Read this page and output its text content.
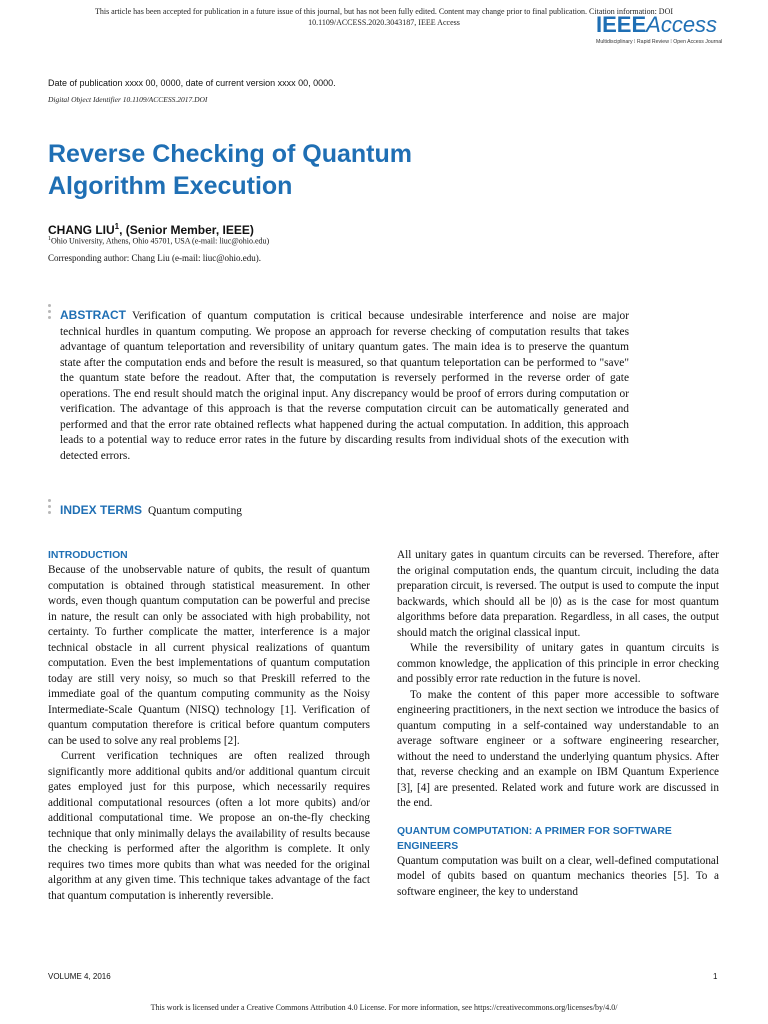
This article has been accepted for publication in a future issue of this journal, but has not been fully edited. Content may change prior to final publication. Citation information: DOI
10.1109/ACCESS.2020.3043187, IEEE Access	IEEEAccess
Multidisciplinary ⁞ Rapid Review ⁞ Open Access Journal
Date of publication xxxx 00, 0000, date of current version xxxx 00, 0000.
Digital Object Identifier 10.1109/ACCESS.2017.DOI
Reverse Checking of Quantum
Algorithm Execution
CHANG LIU$^1$, (Senior Member, IEEE)
$^1$Ohio University, Athens, Ohio 45701, USA (e-mail: liuc@ohio.edu)
Corresponding author: Chang Liu (e-mail: liuc@ohio.edu).
ABSTRACT Verification of quantum computation is critical because undesirable interference and noise are major technical hurdles in quantum computing. We propose an approach for reverse checking of computation results that takes advantage of quantum teleportation and reversibility of unitary quantum gates. The main idea is to preserve the quantum state after the computation ends and before the result is measured, so that quantum teleportation can be performed to "save" the quantum state before the readout. After that, the computation is reversely performed in the reverse order of gate operations. The end result should match the original input. Any discrepancy would be proof of errors during computation or verification. The advantage of this approach is that the reverse computation circuit can be automatically generated and performed and that the error rate obtained reflects what happened during the actual computation. In addition, this approach leads to a potential way to reduce error rates in the future by discarding results from individual shots of the execution with detected errors.
INDEX TERMS Quantum computing
INTRODUCTION

Because of the unobservable nature of qubits, the result of quantum computation is obtained through statistical measurement. In other words, even though quantum computation can be powerful and precise in nature, the result can only be associated with high probability, not certainty. To further complicate the matter, interference is a major technical obstacle in all current physical realizations of quantum computation. Even the best implementations of quantum computation today are still very noisy, so much so that Preskill referred to the immediate goal of the quantum computing community as the Noisy Intermediate-Scale Quantum (NISQ) technology [1]. Verification of quantum computation therefore is critical before quantum computers can be used to solve any real problems [2].

Current verification techniques are often realized through significantly more additional qubits and/or additional quantum circuit gates employed just for this purpose, which necessarily requires additional computational resources (often a lot more qubits) and/or additional computational time. We propose an on-the-fly checking technique that only minimally delays the availability of results because the checking is performed after the algorithm is complete. It only requires two times more qubits than what was needed for the original algorithm at any given time. This technique takes advantage of the fact that quantum computation is inherently reversible.

All unitary gates in quantum circuits can be reversed. Therefore, after the original computation ends, the quantum circuit, including the data preparation circuit, is reversed. The output is used to compute the input backwards, which should all be |0⟩ as is the case for most quantum algorithms before data preparation. Regardless, in all cases, the output should match the original classical input.

While the reversibility of unitary gates in quantum circuits is common knowledge, the application of this principle in error checking and possibly error rate reduction in the future is novel.

To make the content of this paper more accessible to software engineering practitioners, in the next section we introduce the basics of quantum computing in a self-contained way understandable to an average software engineer or a software engineering researcher, without the need to understand the underlying quantum physics. After that, reverse checking and an example on IBM Quantum Experience [3], [4] are presented. Related work and future work are discussed in the end.

QUANTUM COMPUTATION: A PRIMER FOR SOFTWARE ENGINEERS

Quantum computation was built on a clear, well-defined computational model of qubits based on quantum mechanics theories [5]. To a software engineer, the key to understand

VOLUME 4, 2016	1
This work is licensed under a Creative Commons Attribution 4.0 License. For more information, see https://creativecommons.org/licenses/by/4.0/
